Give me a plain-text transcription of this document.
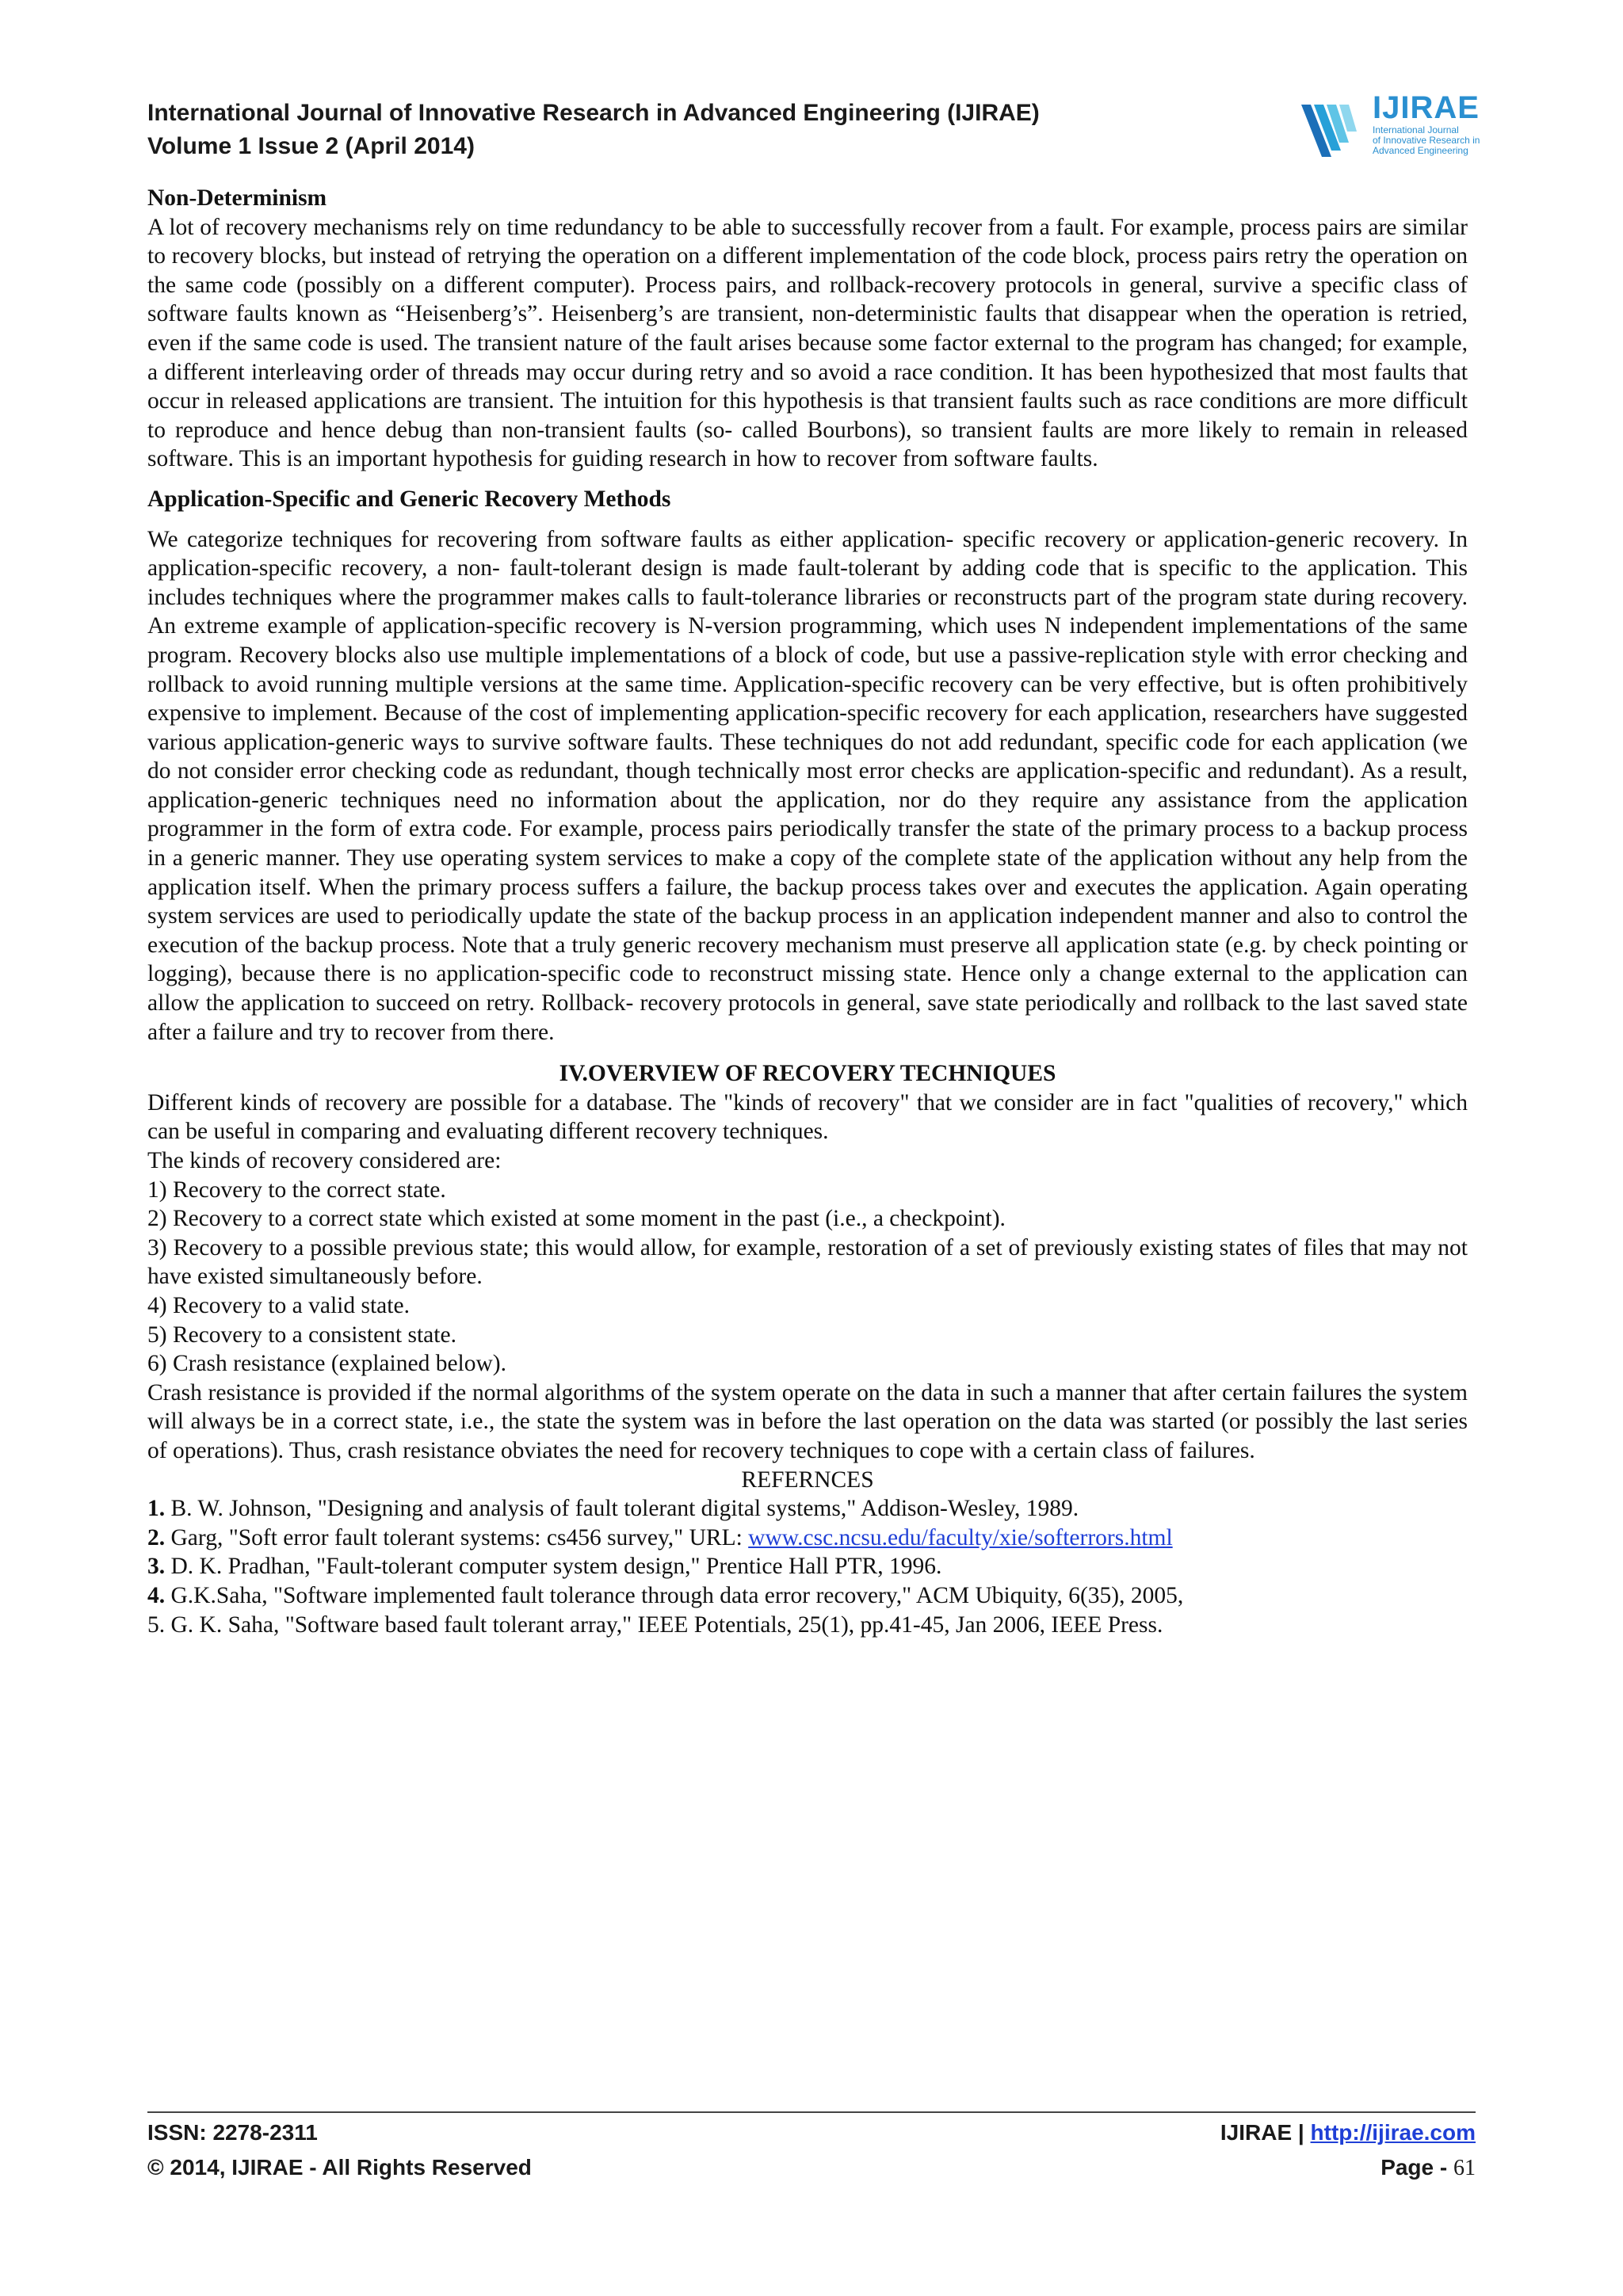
International Journal of Innovative Research in Advanced Engineering (IJIRAE)
Volume 1 Issue 2 (April 2014)
IJIRAE
International Journal
of Innovative Research in
Advanced Engineering
Non-Determinism

A lot of recovery mechanisms rely on time redundancy to be able to successfully recover from a fault. For example, process pairs are similar to recovery blocks, but instead of retrying the operation on a different implementation of the code block, process pairs retry the operation on the same code (possibly on a different computer). Process pairs, and rollback-recovery protocols in general, survive a specific class of software faults known as “Heisenberg’s”. Heisenberg’s are transient, non-deterministic faults that disappear when the operation is retried, even if the same code is used. The transient nature of the fault arises because some factor external to the program has changed; for example, a different interleaving order of threads may occur during retry and so avoid a race condition. It has been hypothesized that most faults that occur in released applications are transient. The intuition for this hypothesis is that transient faults such as race conditions are more difficult to reproduce and hence debug than non-transient faults (so- called Bourbons), so transient faults are more likely to remain in released software. This is an important hypothesis for guiding research in how to recover from software faults.

Application-Specific and Generic Recovery Methods

We categorize techniques for recovering from software faults as either application- specific recovery or application-generic recovery. In application-specific recovery, a non- fault-tolerant design is made fault-tolerant by adding code that is specific to the application. This includes techniques where the programmer makes calls to fault-tolerance libraries or reconstructs part of the program state during recovery. An extreme example of application-specific recovery is N-version programming, which uses N independent implementations of the same program. Recovery blocks also use multiple implementations of a block of code, but use a passive-replication style with error checking and rollback to avoid running multiple versions at the same time. Application-specific recovery can be very effective, but is often prohibitively expensive to implement. Because of the cost of implementing application-specific recovery for each application, researchers have suggested various application-generic ways to survive software faults. These techniques do not add redundant, specific code for each application (we do not consider error checking code as redundant, though technically most error checks are application-specific and redundant). As a result, application-generic techniques need no information about the application, nor do they require any assistance from the application programmer in the form of extra code. For example, process pairs periodically transfer the state of the primary process to a backup process in a generic manner. They use operating system services to make a copy of the complete state of the application without any help from the application itself. When the primary process suffers a failure, the backup process takes over and executes the application. Again operating system services are used to periodically update the state of the backup process in an application independent manner and also to control the execution of the backup process. Note that a truly generic recovery mechanism must preserve all application state (e.g. by check pointing or logging), because there is no application-specific code to reconstruct missing state. Hence only a change external to the application can allow the application to succeed on retry. Rollback- recovery protocols in general, save state periodically and rollback to the last saved state after a failure and try to recover from there.

IV.OVERVIEW OF RECOVERY TECHNIQUES

Different kinds of recovery are possible for a database. The "kinds of recovery" that we consider are in fact "qualities of recovery," which can be useful in comparing and evaluating different recovery techniques.

The kinds of recovery considered are:
1) Recovery to the correct state.
2) Recovery to a correct state which existed at some moment in the past (i.e., a checkpoint).

3) Recovery to a possible previous state; this would allow, for example, restoration of a set of previously existing states of files that may not have existed simultaneously before.

4) Recovery to a valid state.
5) Recovery to a consistent state.
6) Crash resistance (explained below).

Crash resistance is provided if the normal algorithms of the system operate on the data in such a manner that after certain failures the system will always be in a correct state, i.e., the state the system was in before the last operation on the data was started (or possibly the last series of operations). Thus, crash resistance obviates the need for recovery techniques to cope with a certain class of failures.

REFERNCES
1. B. W. Johnson, "Designing and analysis of fault tolerant digital systems," Addison-Wesley, 1989.
2. Garg, "Soft error fault tolerant systems: cs456 survey," URL: www.csc.ncsu.edu/faculty/xie/softerrors.html
3. D. K. Pradhan, "Fault-tolerant computer system design," Prentice Hall PTR, 1996.
4. G.K.Saha, "Software implemented fault tolerance through data error recovery," ACM Ubiquity, 6(35), 2005,
5. G. K. Saha, "Software based fault tolerant array," IEEE Potentials, 25(1), pp.41-45, Jan 2006, IEEE Press.
ISSN: 2278-2311
© 2014, IJIRAE - All Rights Reserved
IJIRAE | http://ijirae.com
Page - 61
